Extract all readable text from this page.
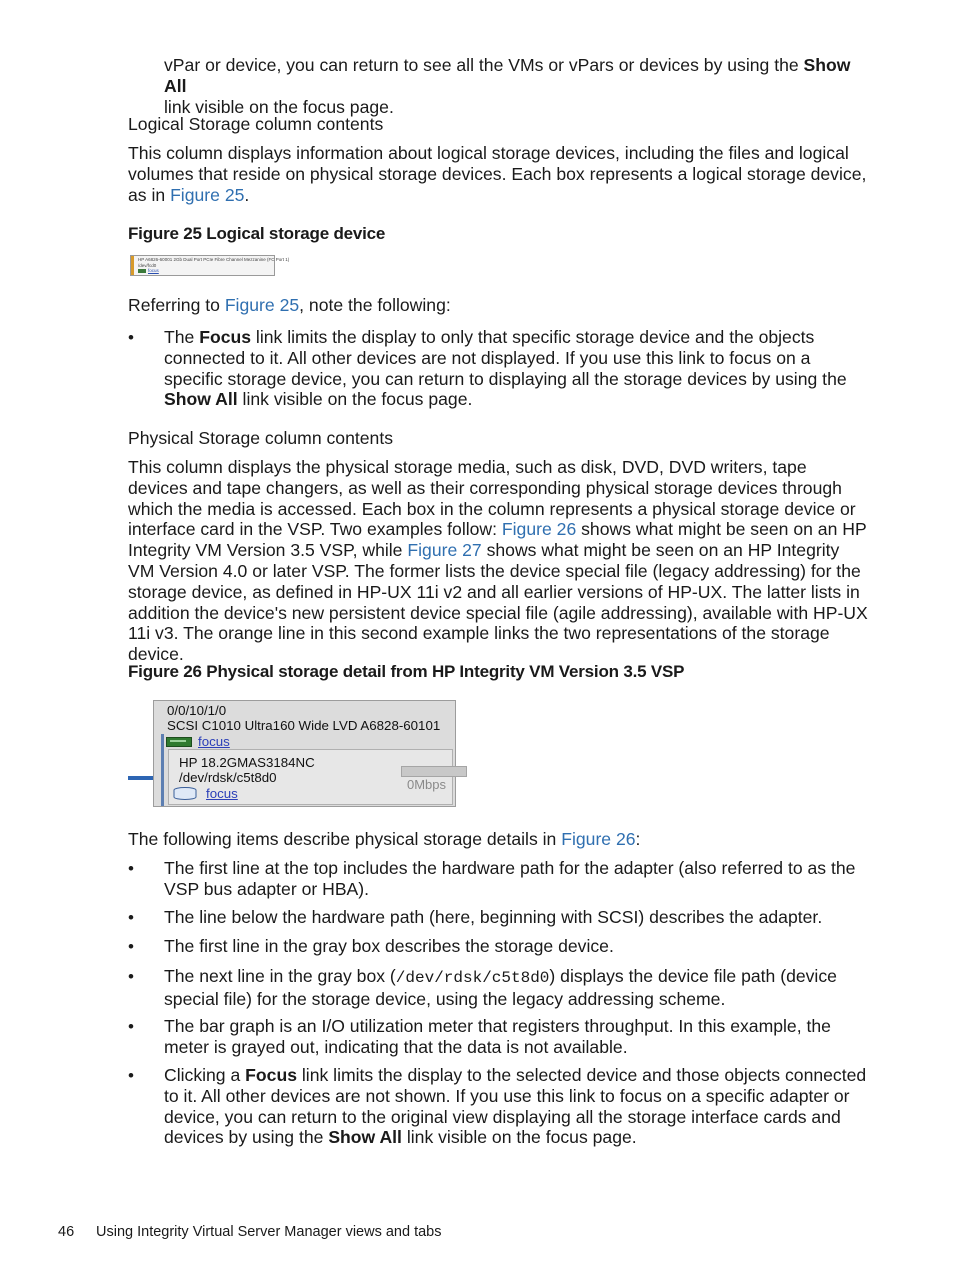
vPar or device, you can return to see all the VMs or vPars or devices by using the Show All
link visible on the focus page.

Logical Storage column contents

This column displays information about logical storage devices, including the files and logical volumes that reside on physical storage devices. Each box represents a logical storage device, as in Figure 25.

Figure 25 Logical storage device

HP A6826-60001 2Gb Dual Port PCIe Fibre Channel Mezzanine (FC Port 1)
/dev/fcd0
focus

Referring to Figure 25, note the following:

• The Focus link limits the display to only that specific storage device and the objects connected to it. All other devices are not displayed. If you use this link to focus on a specific storage device, you can return to displaying all the storage devices by using the Show All link visible on the focus page.

Physical Storage column contents

This column displays the physical storage media, such as disk, DVD, DVD writers, tape devices and tape changers, as well as their corresponding physical storage devices through which the media is accessed. Each box in the column represents a physical storage device or interface card in the VSP. Two examples follow: Figure 26 shows what might be seen on an HP Integrity VM Version 3.5 VSP, while Figure 27 shows what might be seen on an HP Integrity VM Version 4.0 or later VSP. The former lists the device special file (legacy addressing) for the storage device, as defined in HP-UX 11i v2 and all earlier versions of HP-UX. The latter lists in addition the device's new persistent device special file (agile addressing), available with HP-UX 11i v3. The orange line in this second example links the two representations of the storage device.

Figure 26 Physical storage detail from HP Integrity VM Version 3.5 VSP

0/0/10/1/0
SCSI C1010 Ultra160 Wide LVD A6828-60101
focus
HP 18.2GMAS3184NC
/dev/rdsk/c5t8d0	0Mbps
focus

The following items describe physical storage details in Figure 26:

• The first line at the top includes the hardware path for the adapter (also referred to as the VSP bus adapter or HBA).

• The line below the hardware path (here, beginning with SCSI) describes the adapter.

• The first line in the gray box describes the storage device.

• The next line in the gray box (/dev/rdsk/c5t8d0) displays the device file path (device special file) for the storage device, using the legacy addressing scheme.

• The bar graph is an I/O utilization meter that registers throughput. In this example, the meter is grayed out, indicating that the data is not available.

• Clicking a Focus link limits the display to the selected device and those objects connected to it. All other devices are not shown. If you use this link to focus on a specific adapter or device, you can return to the original view displaying all the storage interface cards and devices by using the Show All link visible on the focus page.

46 Using Integrity Virtual Server Manager views and tabs
